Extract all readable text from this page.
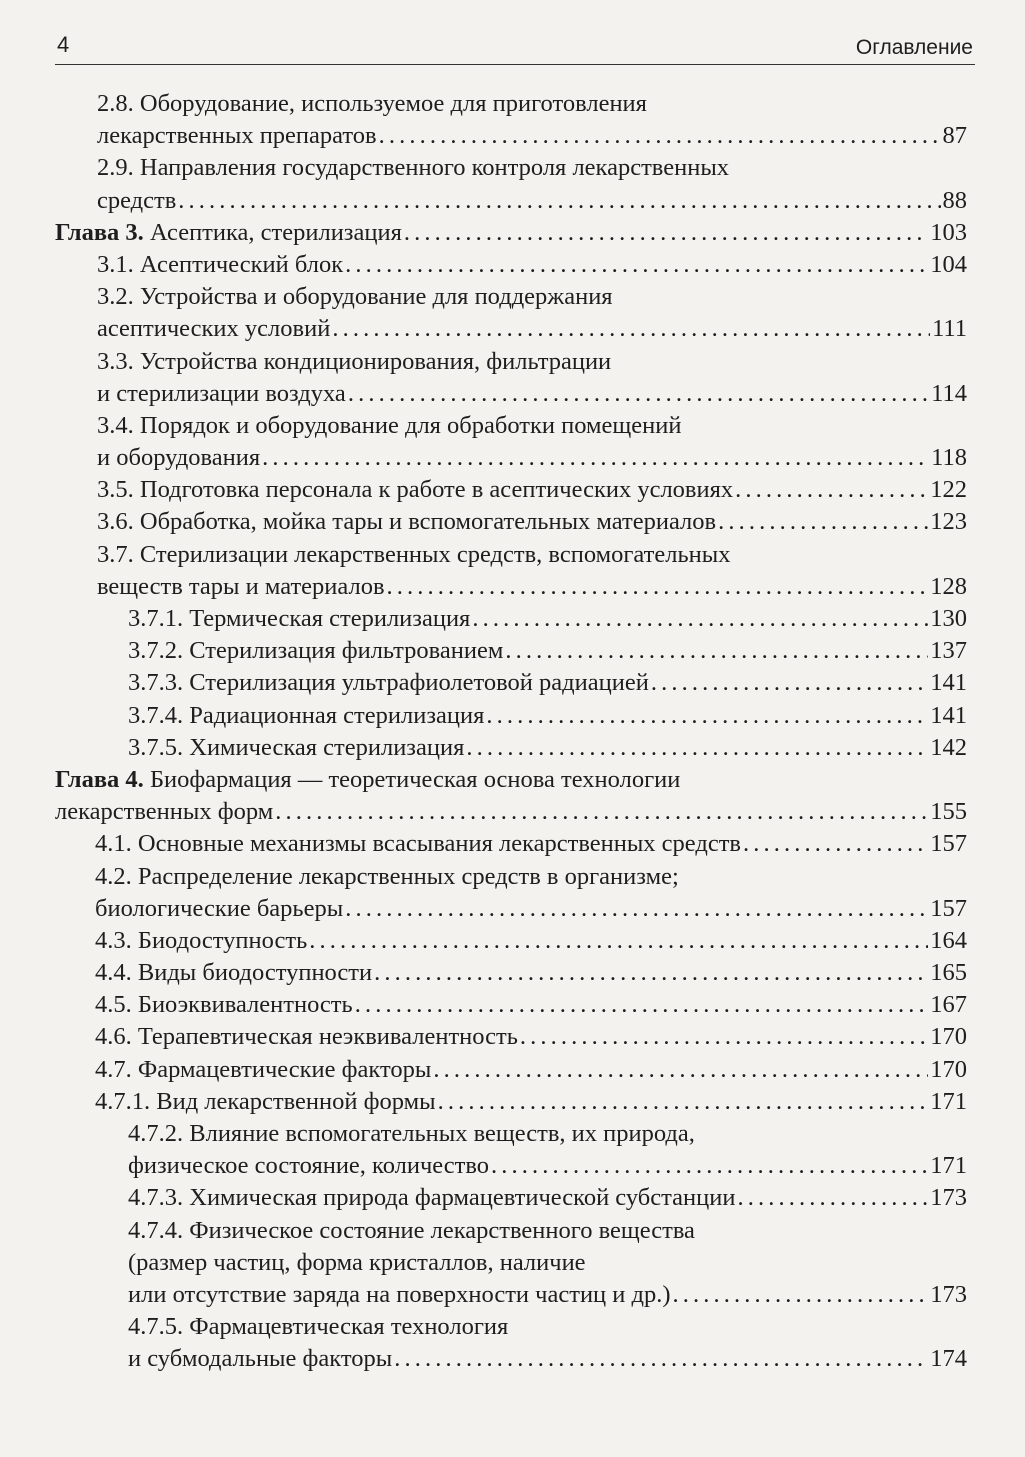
4	Оглавление
2.8. Оборудование, используемое для приготовления
лекарственных препаратов . . .	87
2.9. Направления государственного контроля лекарственных
средств . . .	88
Глава 3. Асептика, стерилизация . . .	103
3.1. Асептический блок . . .	104
3.2. Устройства и оборудование для поддержания
асептических условий . . .	111
3.3. Устройства кондиционирования, фильтрации
и стерилизации воздуха . . .	114
3.4. Порядок и оборудование для обработки помещений
и оборудования . . .	118
3.5. Подготовка персонала к работе в асептических условиях . . .	122
3.6. Обработка, мойка тары и вспомогательных материалов . . .	123
3.7. Стерилизации лекарственных средств, вспомогательных
веществ тары и материалов . . .	128
3.7.1. Термическая стерилизация . . .	130
3.7.2. Стерилизация фильтрованием . . .	137
3.7.3. Стерилизация ультрафиолетовой радиацией . . .	141
3.7.4. Радиационная стерилизация . . .	141
3.7.5. Химическая стерилизация . . .	142
Глава 4. Биофармация — теоретическая основа технологии
лекарственных форм . . .	155
4.1. Основные механизмы всасывания лекарственных средств . . .	157
4.2. Распределение лекарственных средств в организме;
биологические барьеры . . .	157
4.3. Биодоступность . . .	164
4.4. Виды биодоступности . . .	165
4.5. Биоэквивалентность . . .	167
4.6. Терапевтическая неэквивалентность . . .	170
4.7. Фармацевтические факторы . . .	170
4.7.1. Вид лекарственной формы . . .	171
4.7.2. Влияние вспомогательных веществ, их природа,
физическое состояние, количество . . .	171
4.7.3. Химическая природа фармацевтической субстанции . . .	173
4.7.4. Физическое состояние лекарственного вещества
(размер частиц, форма кристаллов, наличие
или отсутствие заряда на поверхности частиц и др.) . . .	173
4.7.5. Фармацевтическая технология
и субмодальные факторы . . .	174
